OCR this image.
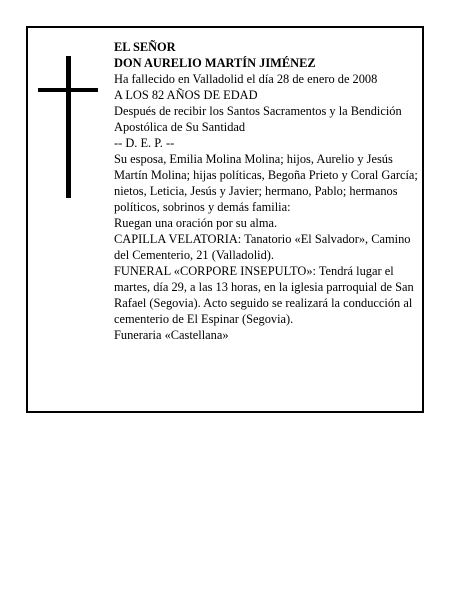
EL SEÑOR

DON AURELIO MARTÍN JIMÉNEZ

Ha fallecido en Valladolid el día 28 de enero de 2008

A LOS 82 AÑOS DE EDAD

Después de recibir los Santos Sacramentos y la Bendición Apostólica de Su Santidad

-- D. E. P. --

Su esposa, Emilia Molina Molina; hijos, Aurelio y Jesús Martín Molina; hijas políticas, Begoña Prieto y Coral García; nietos, Leticia, Jesús y Javier; hermano, Pablo; hermanos políticos, sobrinos y demás familia:

Ruegan una oración por su alma.

CAPILLA VELATORIA: Tanatorio «El Salvador», Camino del Cementerio, 21 (Valladolid).

FUNERAL «CORPORE INSEPULTO»: Tendrá lugar el martes, día 29, a las 13 horas, en la iglesia parroquial de San Rafael (Segovia). Acto seguido se realizará la conducción al cementerio de El Espinar (Segovia).

Funeraria «Castellana»
